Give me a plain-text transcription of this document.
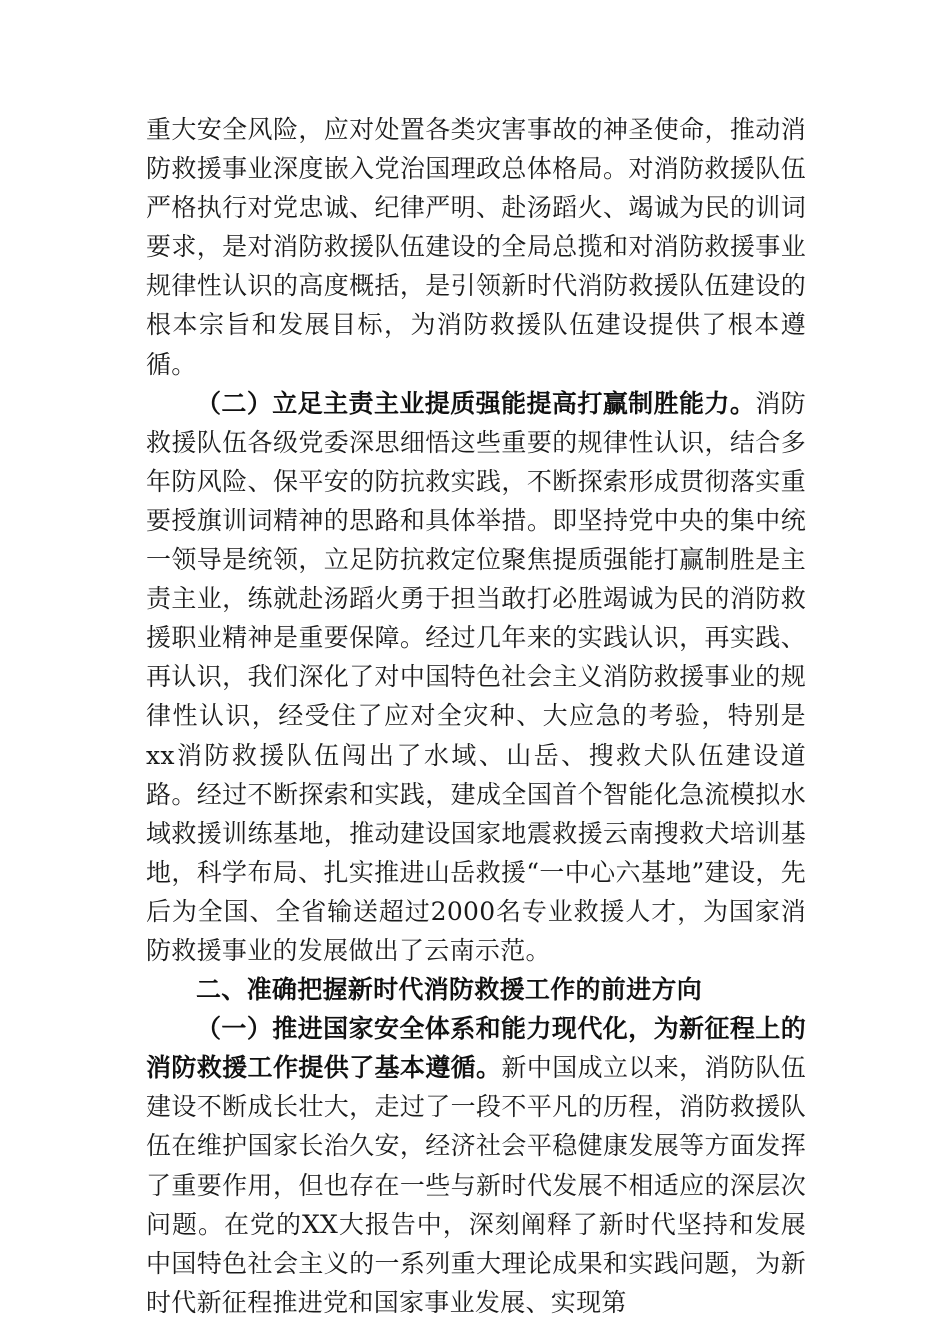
重大安全风险，应对处置各类灾害事故的神圣使命，推动消防救援事业深度嵌入党治国理政总体格局。对消防救援队伍严格执行对党忠诚、纪律严明、赴汤蹈火、竭诚为民的训词要求，是对消防救援队伍建设的全局总揽和对消防救援事业规律性认识的高度概括，是引领新时代消防救援队伍建设的根本宗旨和发展目标，为消防救援队伍建设提供了根本遵循。

（二）立足主责主业提质强能提高打赢制胜能力。消防救援队伍各级党委深思细悟这些重要的规律性认识，结合多年防风险、保平安的防抗救实践，不断探索形成贯彻落实重要授旗训词精神的思路和具体举措。即坚持党中央的集中统一领导是统领，立足防抗救定位聚焦提质强能打赢制胜是主责主业，练就赴汤蹈火勇于担当敢打必胜竭诚为民的消防救援职业精神是重要保障。经过几年来的实践认识，再实践、再认识，我们深化了对中国特色社会主义消防救援事业的规律性认识，经受住了应对全灾种、大应急的考验，特别是xx消防救援队伍闯出了水域、山岳、搜救犬队伍建设道路。经过不断探索和实践，建成全国首个智能化急流模拟水域救援训练基地，推动建设国家地震救援云南搜救犬培训基地，科学布局、扎实推进山岳救援“一中心六基地”建设，先后为全国、全省输送超过2000名专业救援人才，为国家消防救援事业的发展做出了云南示范。

二、准确把握新时代消防救援工作的前进方向

（一）推进国家安全体系和能力现代化，为新征程上的消防救援工作提供了基本遵循。新中国成立以来，消防队伍建设不断成长壮大，走过了一段不平凡的历程，消防救援队伍在维护国家长治久安，经济社会平稳健康发展等方面发挥了重要作用，但也存在一些与新时代发展不相适应的深层次问题。在党的XX大报告中，深刻阐释了新时代坚持和发展中国特色社会主义的一系列重大理论成果和实践问题，为新时代新征程推进党和国家事业发展、实现第
